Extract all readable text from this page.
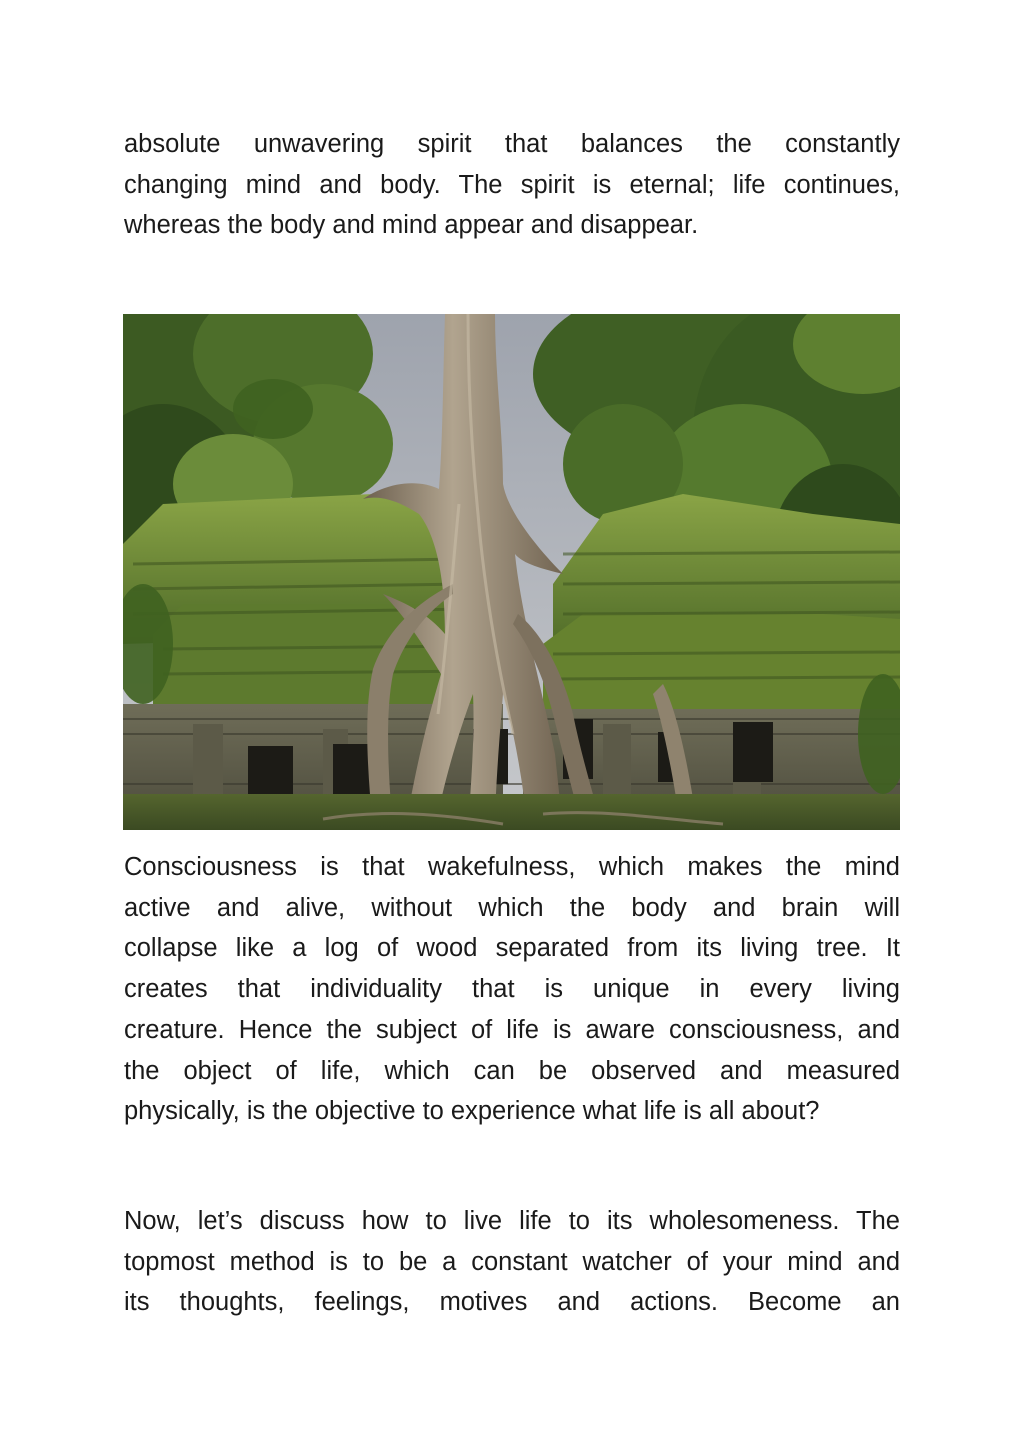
absolute unwavering spirit that balances the constantly
changing mind and body. The spirit is eternal; life continues,
whereas the body and mind appear and disappear.

Consciousness is that wakefulness, which makes the mind
active and alive, without which the body and brain will
collapse like a log of wood separated from its living tree. It
creates that individuality that is unique in every living
creature. Hence the subject of life is aware consciousness, and
the object of life, which can be observed and measured
physically, is the objective to experience what life is all about?

Now, let’s discuss how to live life to its wholesomeness. The
topmost method is to be a constant watcher of your mind and
its thoughts, feelings, motives and actions. Become an
